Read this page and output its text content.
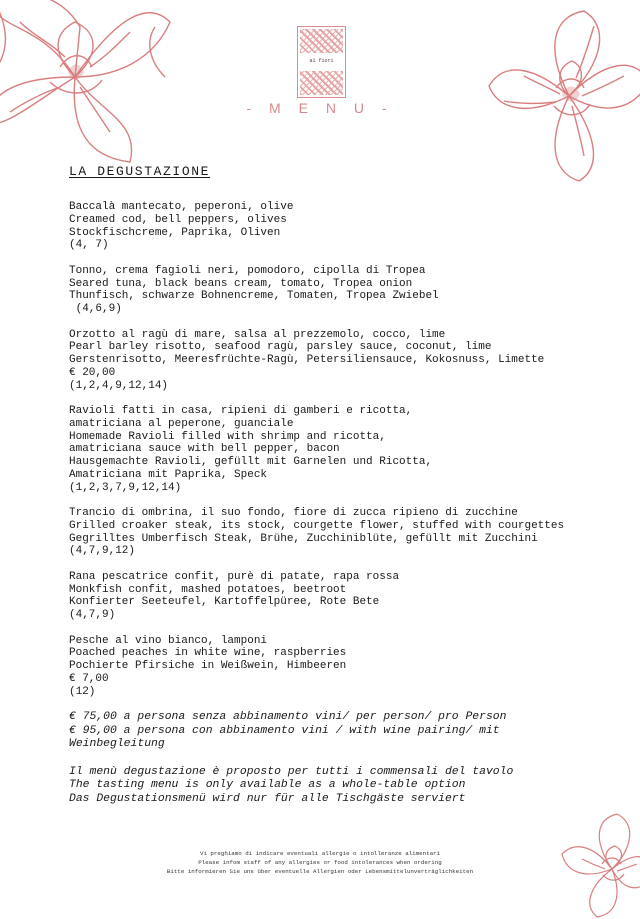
ai fiori
- M E N U -
LA DEGUSTAZIONE
Baccalà mantecato, peperoni, olive
Creamed cod, bell peppers, olives
Stockfischcreme, Paprika, Oliven
(4, 7)
Tonno, crema fagioli neri, pomodoro, cipolla di Tropea
Seared tuna, black beans cream, tomato, Tropea onion
Thunfisch, schwarze Bohnencreme, Tomaten, Tropea Zwiebel
(4,6,9)
Orzotto al ragù di mare, salsa al prezzemolo, cocco, lime
Pearl barley risotto, seafood ragù, parsley sauce, coconut, lime
Gerstenrisotto, Meeresfrüchte-Ragù, Petersiliensauce, Kokosnuss, Limette
€ 20,00
(1,2,4,9,12,14)
Ravioli fatti in casa, ripieni di gamberi e ricotta,
amatriciana al peperone, guanciale
Homemade Ravioli filled with shrimp and ricotta,
amatriciana sauce with bell pepper, bacon
Hausgemachte Ravioli, gefüllt mit Garnelen und Ricotta,
Amatriciana mit Paprika, Speck
(1,2,3,7,9,12,14)
Trancio di ombrina, il suo fondo, fiore di zucca ripieno di zucchine
Grilled croaker steak, its stock, courgette flower, stuffed with courgettes
Gegrilltes Umberfisch Steak, Brühe, Zucchiniblüte, gefüllt mit Zucchini
(4,7,9,12)
Rana pescatrice confit, purè di patate, rapa rossa
Monkfish confit, mashed potatoes, beetroot
Konfierter Seeteufel, Kartoffelpüree, Rote Bete
(4,7,9)
Pesche al vino bianco, lamponi
Poached peaches in white wine, raspberries
Pochierte Pfirsiche in Weißwein, Himbeeren
€ 7,00
(12)
€ 75,00 a persona senza abbinamento vini/ per person/ pro Person
€ 95,00 a persona con abbinamento vini / with wine pairing/ mit
Weinbegleitung
Il menù degustazione è proposto per tutti i commensali del tavolo
The tasting menu is only available as a whole-table option
Das Degustationsmenü wird nur für alle Tischgäste serviert
Vi preghiamo di indicare eventuali allergie o intolleranze alimentari
Please infom staff of any allergies or food intolerances when ordering
Bitte informieren Sie uns über eventuelle Allergien oder Lebensmittelunverträglichkeiten
